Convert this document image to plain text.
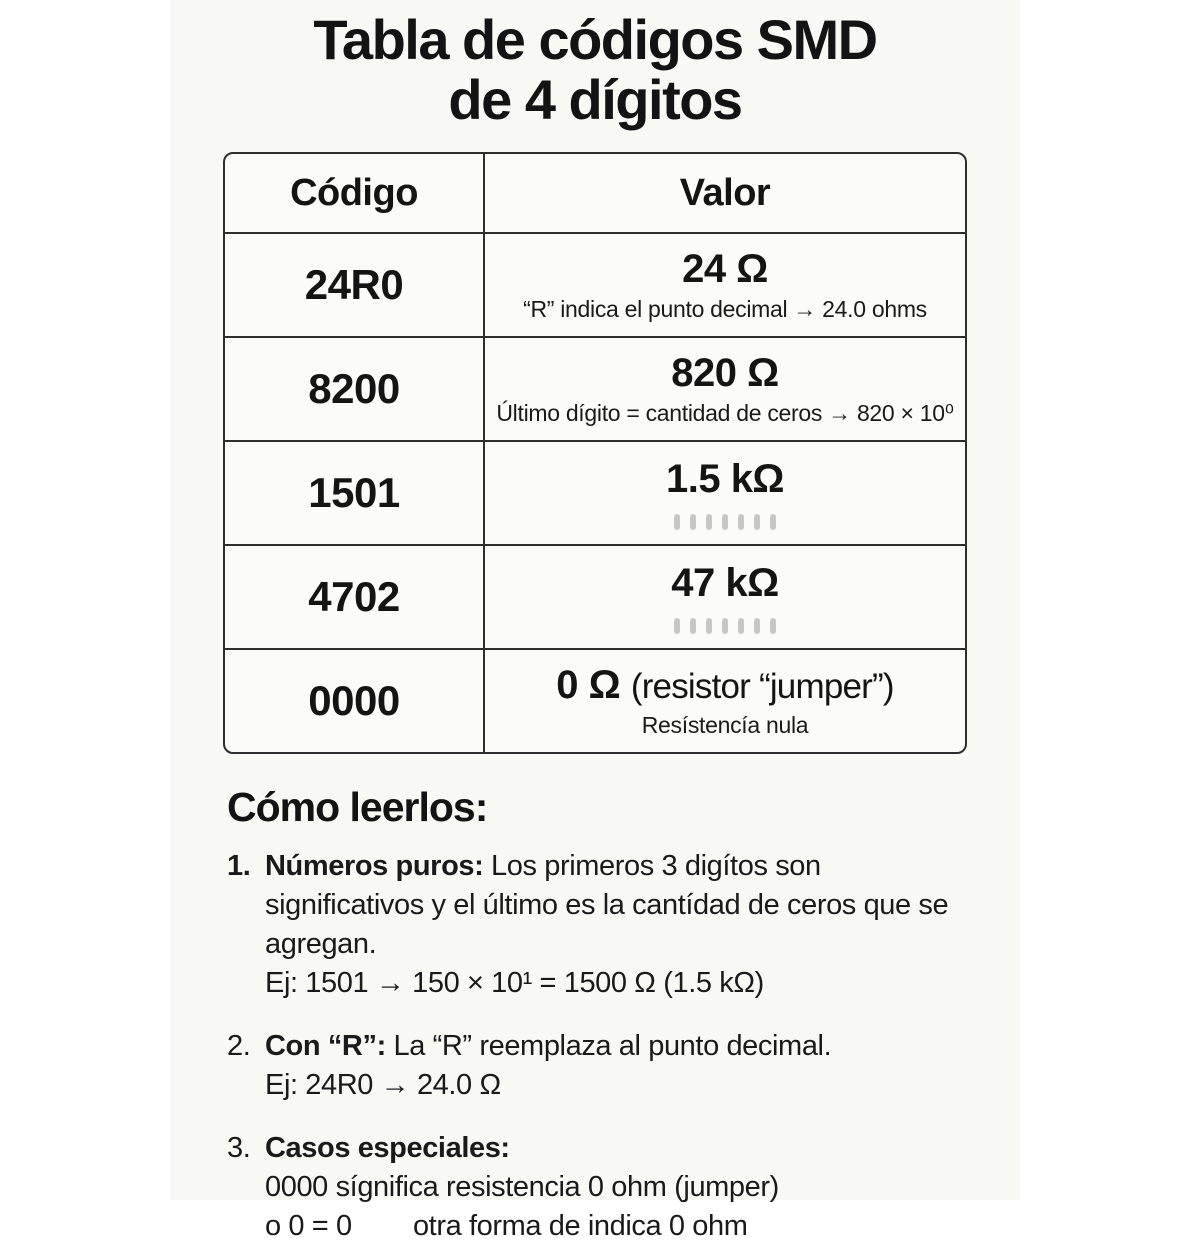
Tabla de códigos SMD
de 4 dígitos
Código	Valor
24R0	24 Ω
“R” indica el punto decimal → 24.0 ohms
8200	820 Ω
Último dígito = cantidad de ceros → 820 × 10⁰
1501	1.5 kΩ
4702	47 kΩ
0000	0 Ω (resistor “jumper”)
Resístencía nula
Cómo leerlos:
1. Números puros: Los primeros 3 digítos son significativos y el último es la cantídad de ceros que se agregan.
Ej: 1501 → 150 × 10¹ = 1500 Ω (1.5 kΩ)
2. Con “R”: La “R” reemplaza al punto decimal.
Ej: 24R0 → 24.0 Ω
3. Casos especiales:
0000 sígnifica resistencia 0 ohm (jumper)
o 0 = 0        otra forma de indica 0 ohm
